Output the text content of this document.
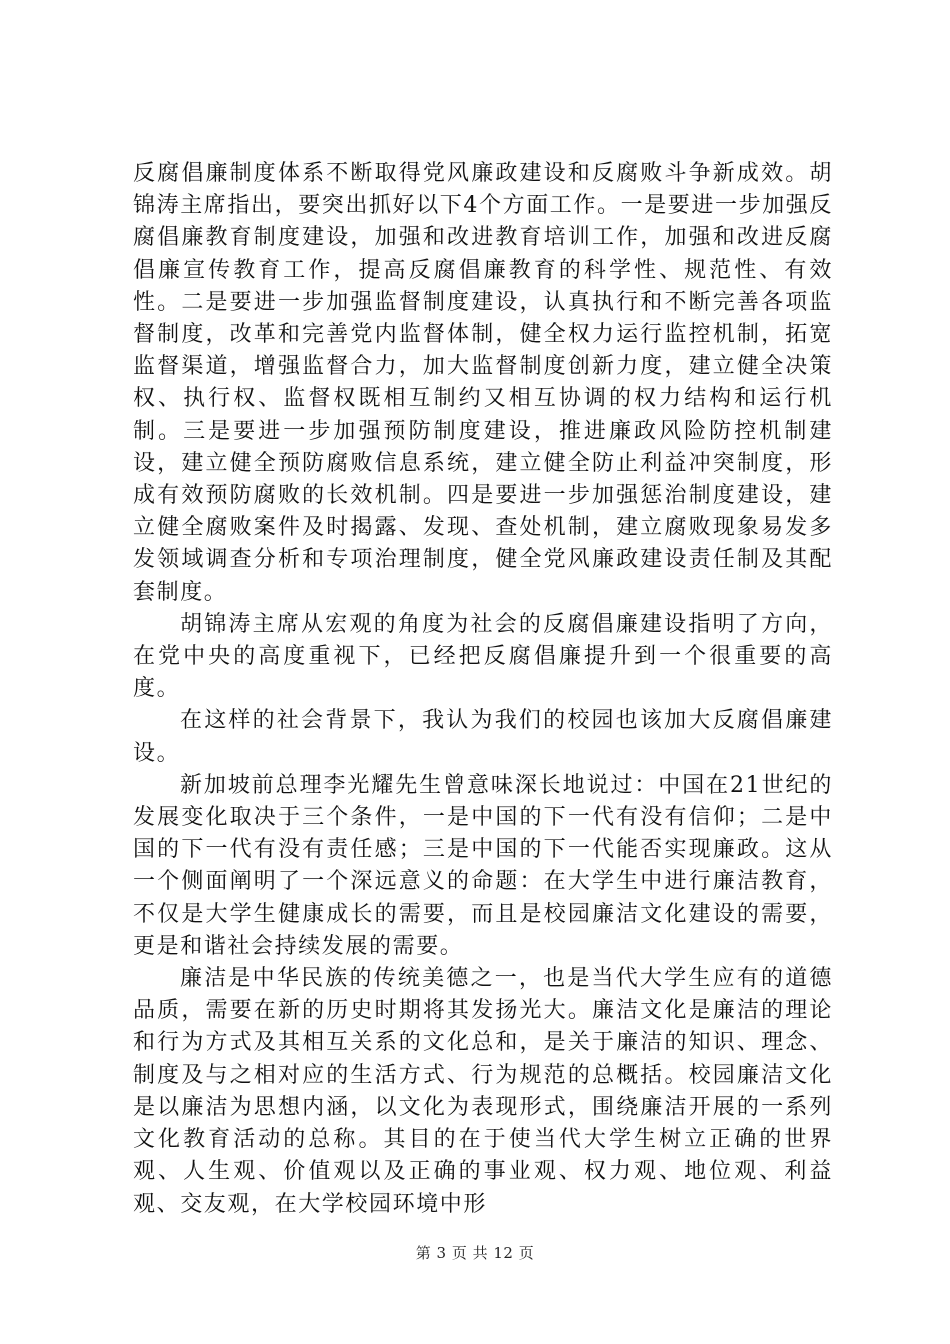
反腐倡廉制度体系不断取得党风廉政建设和反腐败斗争新成效。胡锦涛主席指出，要突出抓好以下4个方面工作。一是要进一步加强反腐倡廉教育制度建设，加强和改进教育培训工作，加强和改进反腐倡廉宣传教育工作，提高反腐倡廉教育的科学性、规范性、有效性。二是要进一步加强监督制度建设，认真执行和不断完善各项监督制度，改革和完善党内监督体制，健全权力运行监控机制，拓宽监督渠道，增强监督合力，加大监督制度创新力度，建立健全决策权、执行权、监督权既相互制约又相互协调的权力结构和运行机制。三是要进一步加强预防制度建设，推进廉政风险防控机制建设，建立健全预防腐败信息系统，建立健全防止利益冲突制度，形成有效预防腐败的长效机制。四是要进一步加强惩治制度建设，建立健全腐败案件及时揭露、发现、查处机制，建立腐败现象易发多发领域调查分析和专项治理制度，健全党风廉政建设责任制及其配套制度。

胡锦涛主席从宏观的角度为社会的反腐倡廉建设指明了方向，在党中央的高度重视下，已经把反腐倡廉提升到一个很重要的高度。

在这样的社会背景下，我认为我们的校园也该加大反腐倡廉建设。

新加坡前总理李光耀先生曾意味深长地说过：中国在21世纪的发展变化取决于三个条件，一是中国的下一代有没有信仰；二是中国的下一代有没有责任感；三是中国的下一代能否实现廉政。这从一个侧面阐明了一个深远意义的命题：在大学生中进行廉洁教育，不仅是大学生健康成长的需要，而且是校园廉洁文化建设的需要，更是和谐社会持续发展的需要。

廉洁是中华民族的传统美德之一，也是当代大学生应有的道德品质，需要在新的历史时期将其发扬光大。廉洁文化是廉洁的理论和行为方式及其相互关系的文化总和，是关于廉洁的知识、理念、制度及与之相对应的生活方式、行为规范的总概括。校园廉洁文化是以廉洁为思想内涵，以文化为表现形式，围绕廉洁开展的一系列文化教育活动的总称。其目的在于使当代大学生树立正确的世界观、人生观、价值观以及正确的事业观、权力观、地位观、利益观、交友观，在大学校园环境中形

第 3 页 共 12 页
